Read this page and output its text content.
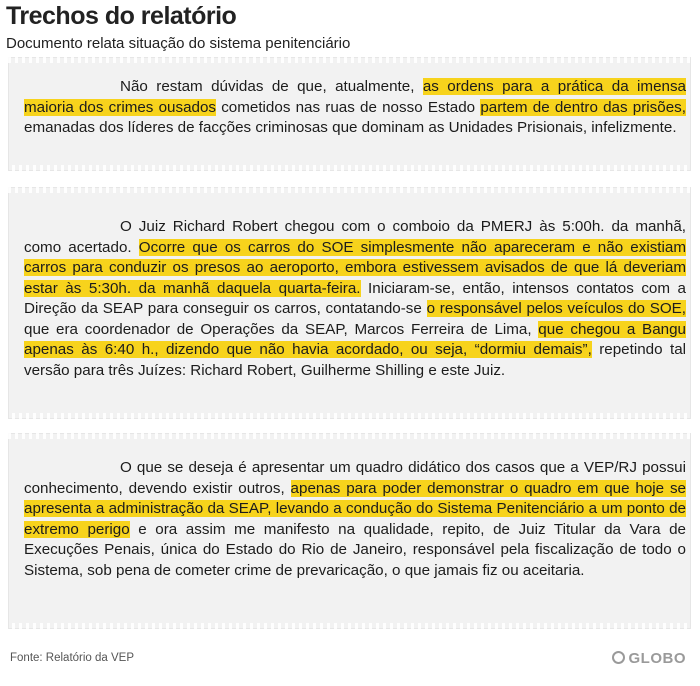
Trechos do relatório
Documento relata situação do sistema penitenciário

Não restam dúvidas de que, atualmente, as ordens para a prática da imensa maioria dos crimes ousados cometidos nas ruas de nosso Estado partem de dentro das prisões, emanadas dos líderes de facções criminosas que dominam as Unidades Prisionais, infelizmente.

O Juiz Richard Robert chegou com o comboio da PMERJ às 5:00h. da manhã, como acertado. Ocorre que os carros do SOE simplesmente não apareceram e não existiam carros para conduzir os presos ao aeroporto, embora estivessem avisados de que lá deveriam estar às 5:30h. da manhã daquela quarta-feira. Iniciaram-se, então, intensos contatos com a Direção da SEAP para conseguir os carros, contatando-se o responsável pelos veículos do SOE, que era coordenador de Operações da SEAP, Marcos Ferreira de Lima, que chegou a Bangu apenas às 6:40 h., dizendo que não havia acordado, ou seja, “dormiu demais”, repetindo tal versão para três Juízes: Richard Robert, Guilherme Shilling e este Juiz.

O que se deseja é apresentar um quadro didático dos casos que a VEP/RJ possui conhecimento, devendo existir outros, apenas para poder demonstrar o quadro em que hoje se apresenta a administração da SEAP, levando a condução do Sistema Penitenciário a um ponto de extremo perigo e ora assim me manifesto na qualidade, repito, de Juiz Titular da Vara de Execuções Penais, única do Estado do Rio de Janeiro, responsável pela fiscalização de todo o Sistema, sob pena de cometer crime de prevaricação, o que jamais fiz ou aceitaria.

Fonte: Relatório da VEP	GLOBO
